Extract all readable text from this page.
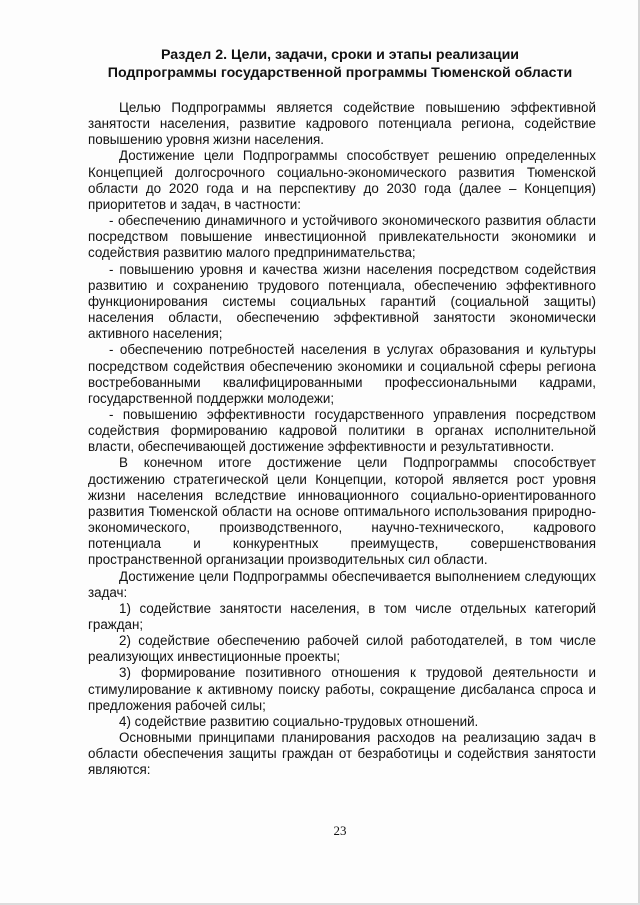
Раздел 2. Цели, задачи, сроки и этапы реализации
Подпрограммы государственной программы Тюменской области

Целью Подпрограммы является содействие повышению эффективной занятости населения, развитие кадрового потенциала региона, содействие повышению уровня жизни населения.

Достижение цели Подпрограммы способствует решению определенных Концепцией долгосрочного социально-экономического развития Тюменской области до 2020 года и на перспективу до 2030 года (далее – Концепция) приоритетов и задач, в частности:

- обеспечению динамичного и устойчивого экономического развития области посредством повышение инвестиционной привлекательности экономики и содействия развитию малого предпринимательства;

- повышению уровня и качества жизни населения посредством содействия развитию и сохранению трудового потенциала, обеспечению эффективного функционирования системы социальных гарантий (социальной защиты) населения области, обеспечению эффективной занятости экономически активного населения;

- обеспечению потребностей населения в услугах образования и культуры посредством содействия обеспечению экономики и социальной сферы региона востребованными квалифицированными профессиональными кадрами, государственной поддержки молодежи;

- повышению эффективности государственного управления посредством содействия формированию кадровой политики в органах исполнительной власти, обеспечивающей достижение эффективности и результативности.

В конечном итоге достижение цели Подпрограммы способствует достижению стратегической цели Концепции, которой является рост уровня жизни населения вследствие инновационного социально-ориентированного развития Тюменской области на основе оптимального использования природно-экономического, производственного, научно-технического, кадрового потенциала и конкурентных преимуществ, совершенствования пространственной организации производительных сил области.

Достижение цели Подпрограммы обеспечивается выполнением следующих задач:

1) содействие занятости населения, в том числе отдельных категорий граждан;

2) содействие обеспечению рабочей силой работодателей, в том числе реализующих инвестиционные проекты;

3) формирование позитивного отношения к трудовой деятельности и стимулирование к активному поиску работы, сокращение дисбаланса спроса и предложения рабочей силы;

4) содействие развитию социально-трудовых отношений.

Основными принципами планирования расходов на реализацию задач в области обеспечения защиты граждан от безработицы и содействия занятости являются:

23
